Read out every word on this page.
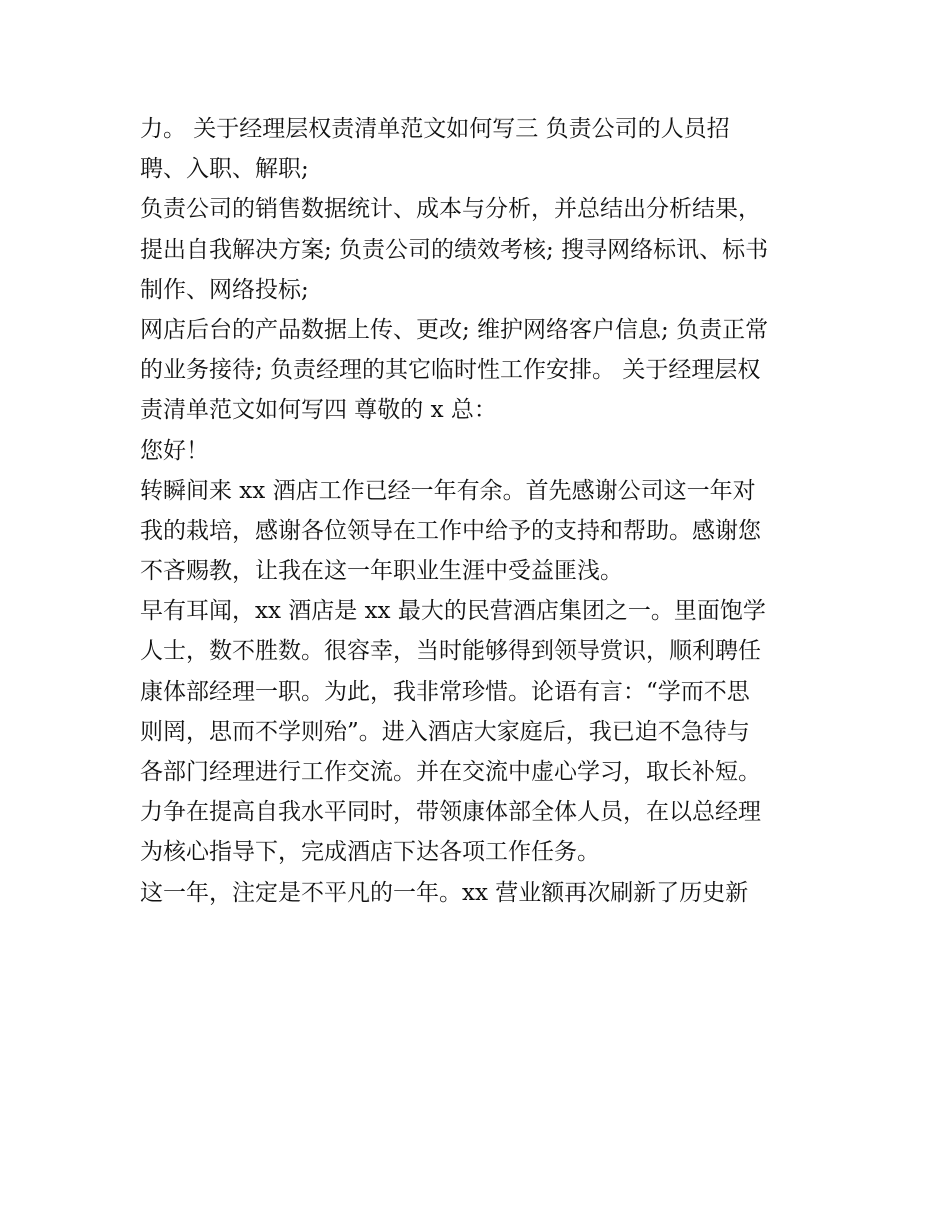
力。 关于经理层权责清单范文如何写三 负责公司的人员招
聘、入职、解职;
负责公司的销售数据统计、成本与分析，并总结出分析结果，
提出自我解决方案; 负责公司的绩效考核; 搜寻网络标讯、标书
制作、网络投标;
网店后台的产品数据上传、更改; 维护网络客户信息; 负责正常
的业务接待; 负责经理的其它临时性工作安排。 关于经理层权
责清单范文如何写四 尊敬的 x 总：
您好！
转瞬间来 xx 酒店工作已经一年有余。首先感谢公司这一年对
我的栽培，感谢各位领导在工作中给予的支持和帮助。感谢您
不吝赐教，让我在这一年职业生涯中受益匪浅。
早有耳闻，xx 酒店是 xx 最大的民营酒店集团之一。里面饱学
人士，数不胜数。很容幸，当时能够得到领导赏识，顺利聘任
康体部经理一职。为此，我非常珍惜。论语有言：“学而不思
则罔，思而不学则殆”。进入酒店大家庭后，我已迫不急待与
各部门经理进行工作交流。并在交流中虚心学习，取长补短。
力争在提高自我水平同时，带领康体部全体人员，在以总经理
为核心指导下，完成酒店下达各项工作任务。
这一年，注定是不平凡的一年。xx 营业额再次刷新了历史新
